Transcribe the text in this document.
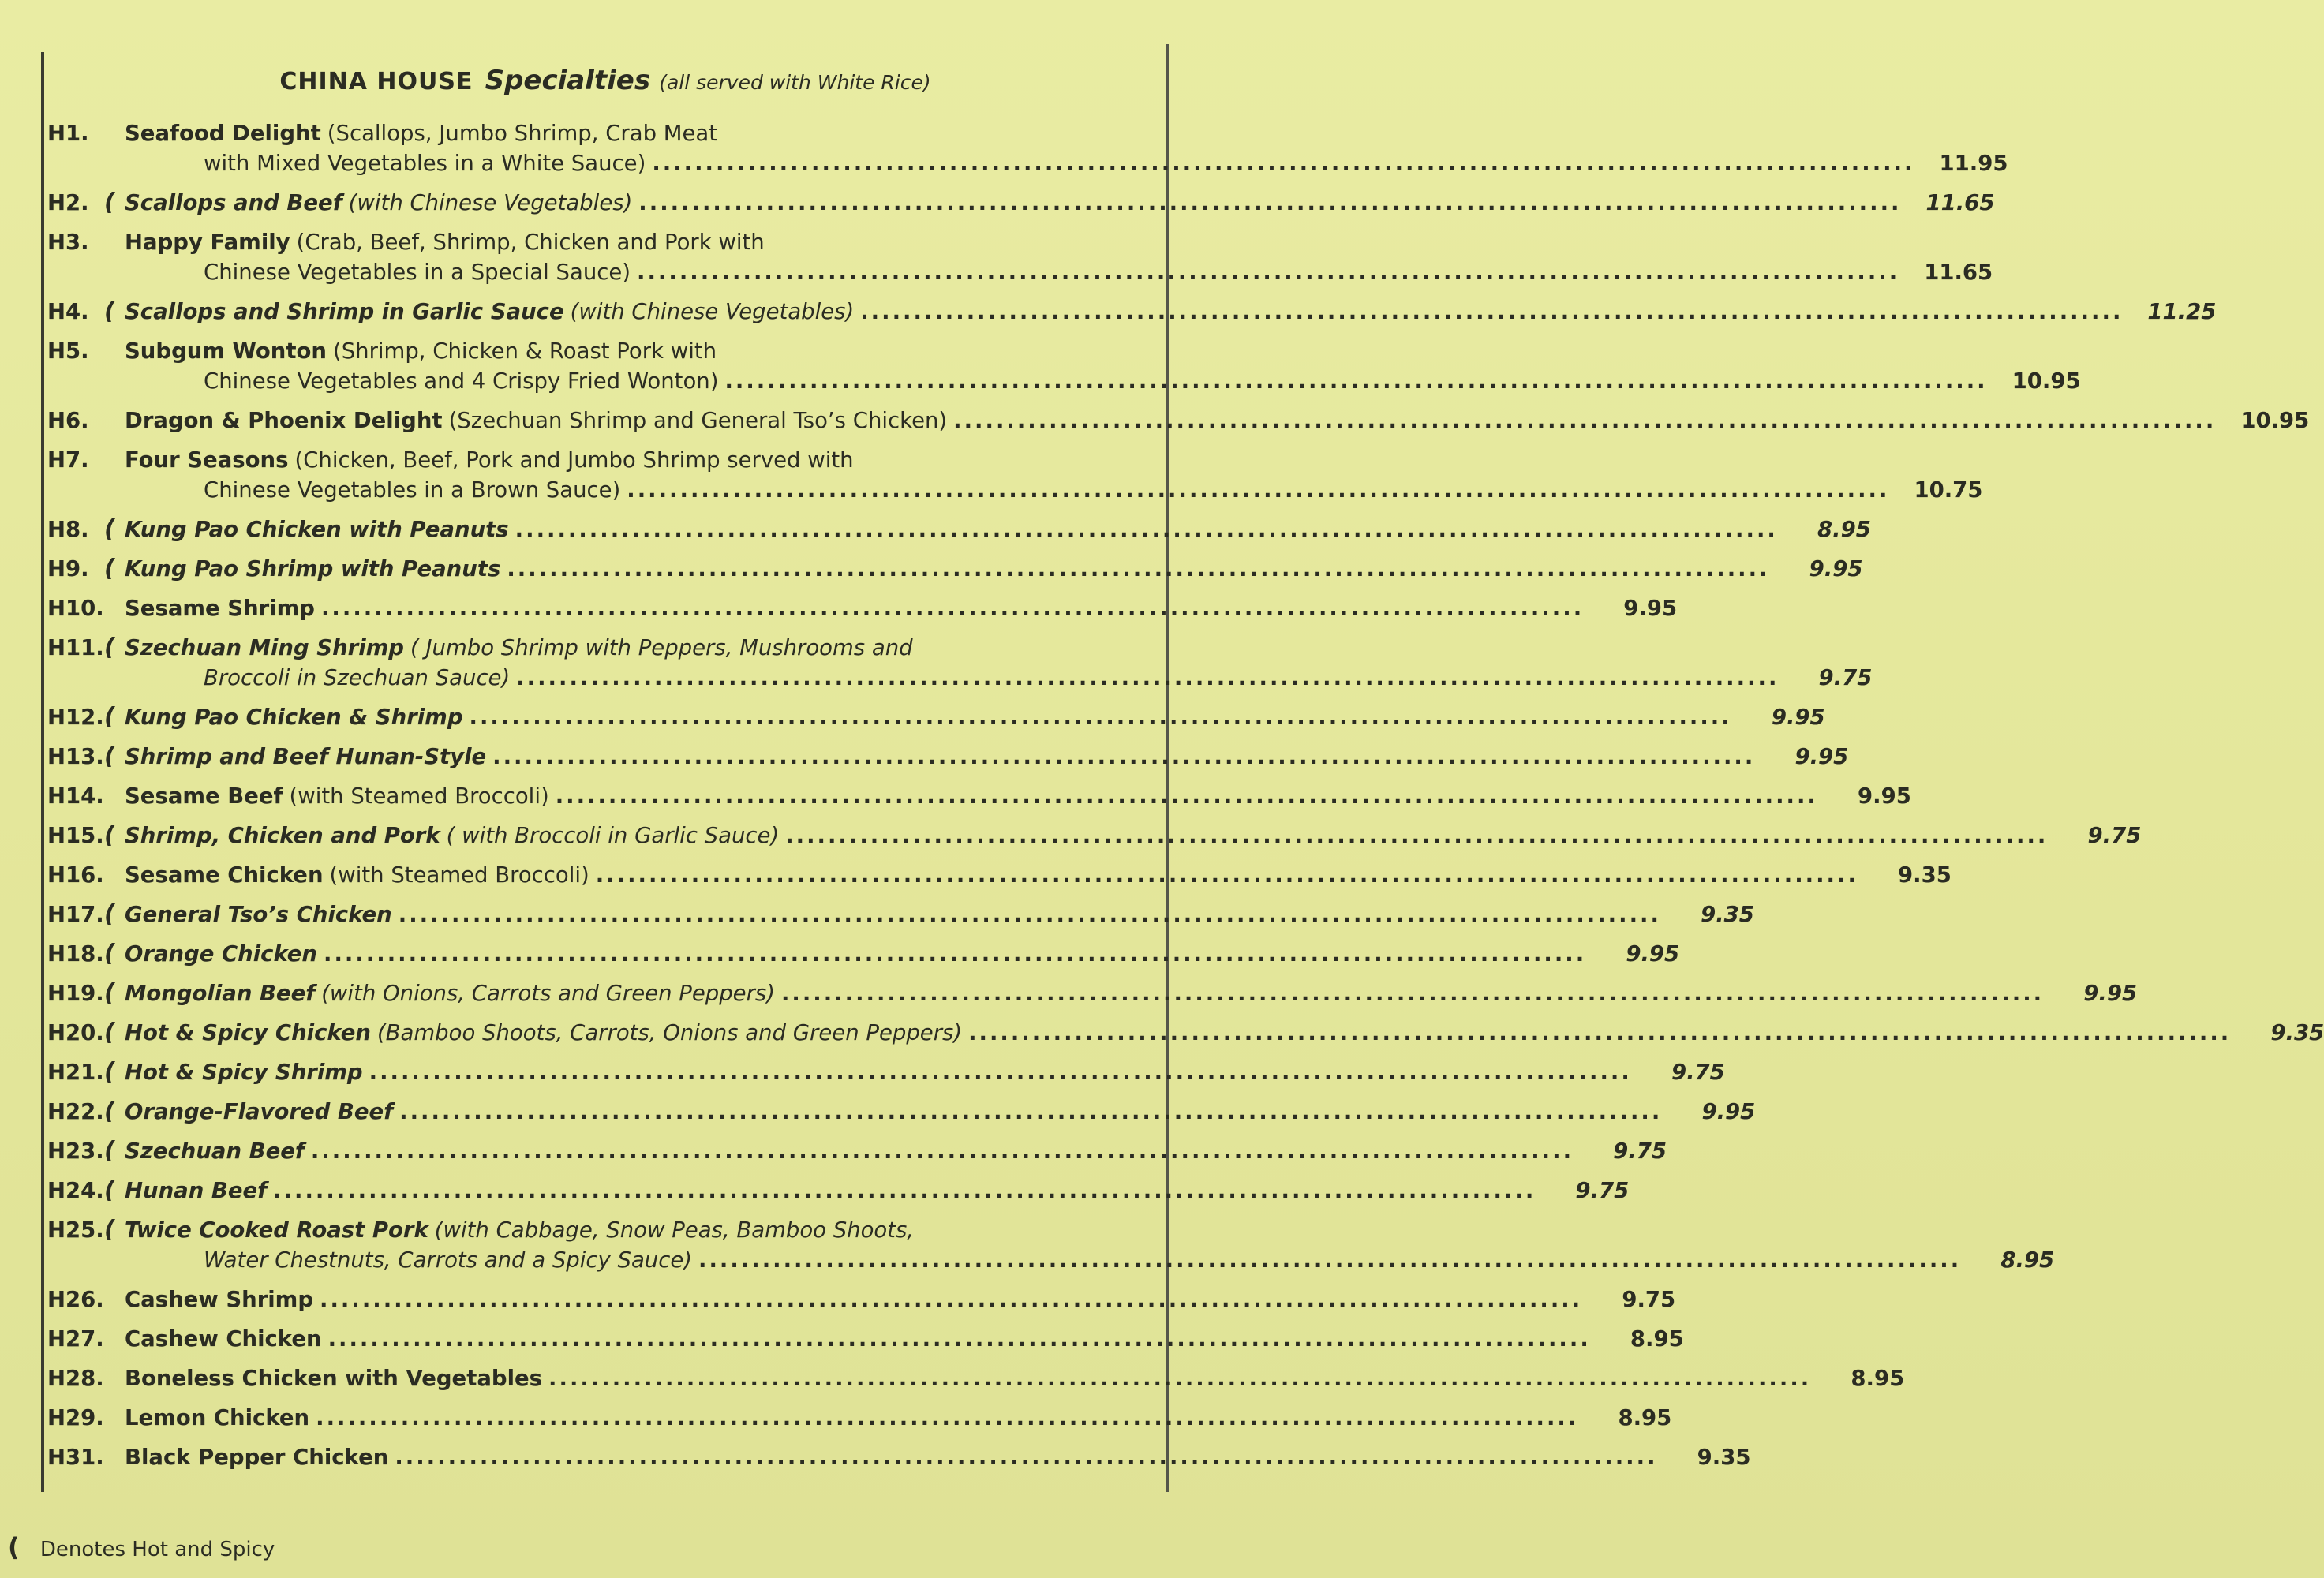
CHINA HOUSE Specialties (all served with White Rice)
H1.	Seafood Delight (Scallops, Jumbo Shrimp, Crab Meat
with Mixed Vegetables in a White Sauce) .......................................................................................................................	11.95
H2. ( Scallops and Beef (with Chinese Vegetables) .......................................................................................................................	11.65
H3.	Happy Family (Crab, Beef, Shrimp, Chicken and Pork with
Chinese Vegetables in a Special Sauce) .......................................................................................................................	11.65
H4. ( Scallops and Shrimp in Garlic Sauce (with Chinese Vegetables) .......................................................................................................................	11.25
H5.	Subgum Wonton (Shrimp, Chicken & Roast Pork with
Chinese Vegetables and 4 Crispy Fried Wonton) .......................................................................................................................	10.95
H6.	Dragon & Phoenix Delight (Szechuan Shrimp and General Tso’s Chicken) .......................................................................................................................	10.95
H7.	Four Seasons (Chicken, Beef, Pork and Jumbo Shrimp served with
Chinese Vegetables in a Brown Sauce) .......................................................................................................................	10.75
H8. ( Kung Pao Chicken with Peanuts .......................................................................................................................	8.95
H9. ( Kung Pao Shrimp with Peanuts .......................................................................................................................	9.95
H10. Sesame Shrimp .......................................................................................................................	9.95
H11. ( Szechuan Ming Shrimp ( Jumbo Shrimp with Peppers, Mushrooms and
Broccoli in Szechuan Sauce) .......................................................................................................................	9.75
H12. ( Kung Pao Chicken & Shrimp .......................................................................................................................	9.95
H13. ( Shrimp and Beef Hunan-Style .......................................................................................................................	9.95
H14. Sesame Beef (with Steamed Broccoli) .......................................................................................................................	9.95
H15. ( Shrimp, Chicken and Pork ( with Broccoli in Garlic Sauce) .......................................................................................................................	9.75
H16. Sesame Chicken (with Steamed Broccoli) .......................................................................................................................	9.35
H17. ( General Tso’s Chicken .......................................................................................................................	9.35
H18. ( Orange Chicken .......................................................................................................................	9.95
H19. ( Mongolian Beef (with Onions, Carrots and Green Peppers) .......................................................................................................................	9.95
H20. ( Hot & Spicy Chicken (Bamboo Shoots, Carrots, Onions and Green Peppers) .......................................................................................................................	9.35
H21. ( Hot & Spicy Shrimp .......................................................................................................................	9.75
H22. ( Orange-Flavored Beef .......................................................................................................................	9.95
H23. ( Szechuan Beef .......................................................................................................................	9.75
H24. ( Hunan Beef .......................................................................................................................	9.75
H25. ( Twice Cooked Roast Pork (with Cabbage, Snow Peas, Bamboo Shoots,
Water Chestnuts, Carrots and a Spicy Sauce) .......................................................................................................................	8.95
H26. Cashew Shrimp .......................................................................................................................	9.75
H27. Cashew Chicken .......................................................................................................................	8.95
H28. Boneless Chicken with Vegetables .......................................................................................................................	8.95
H29. Lemon Chicken .......................................................................................................................	8.95
H31. Black Pepper Chicken .......................................................................................................................	9.35
( Denotes Hot and Spicy
